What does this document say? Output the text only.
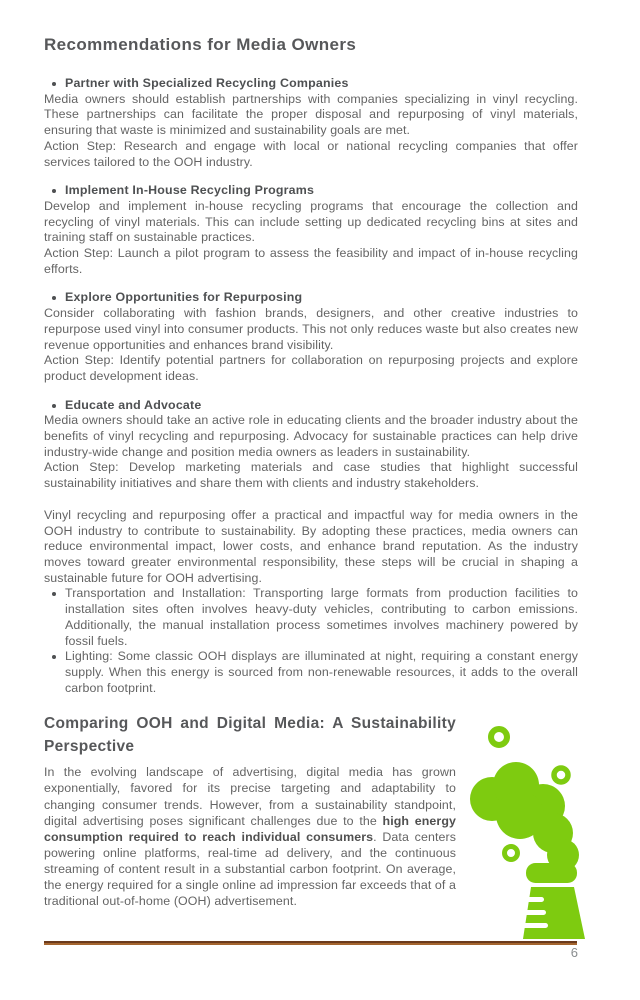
Recommendations for Media Owners
Partner with Specialized Recycling Companies

Media owners should establish partnerships with companies specializing in vinyl recycling. These partnerships can facilitate the proper disposal and repurposing of vinyl materials, ensuring that waste is minimized and sustainability goals are met.

Action Step: Research and engage with local or national recycling companies that offer services tailored to the OOH industry.

Implement In-House Recycling Programs

Develop and implement in-house recycling programs that encourage the collection and recycling of vinyl materials. This can include setting up dedicated recycling bins at sites and training staff on sustainable practices.

Action Step: Launch a pilot program to assess the feasibility and impact of in-house recycling efforts.

Explore Opportunities for Repurposing

Consider collaborating with fashion brands, designers, and other creative industries to repurpose used vinyl into consumer products. This not only reduces waste but also creates new revenue opportunities and enhances brand visibility.

Action Step: Identify potential partners for collaboration on repurposing projects and explore product development ideas.

Educate and Advocate

Media owners should take an active role in educating clients and the broader industry about the benefits of vinyl recycling and repurposing. Advocacy for sustainable practices can help drive industry-wide change and position media owners as leaders in sustainability.

Action Step: Develop marketing materials and case studies that highlight successful sustainability initiatives and share them with clients and industry stakeholders.

Vinyl recycling and repurposing offer a practical and impactful way for media owners in the OOH industry to contribute to sustainability. By adopting these practices, media owners can reduce environmental impact, lower costs, and enhance brand reputation. As the industry moves toward greater environmental responsibility, these steps will be crucial in shaping a sustainable future for OOH advertising.

Transportation and Installation: Transporting large formats from production facilities to installation sites often involves heavy-duty vehicles, contributing to carbon emissions. Additionally, the manual installation process sometimes involves machinery powered by fossil fuels.

Lighting: Some classic OOH displays are illuminated at night, requiring a constant energy supply. When this energy is sourced from non-renewable resources, it adds to the overall carbon footprint.

Comparing OOH and Digital Media: A Sustainability Perspective

In the evolving landscape of advertising, digital media has grown exponentially, favored for its precise targeting and adaptability to changing consumer trends. However, from a sustainability standpoint, digital advertising poses significant challenges due to the high energy consumption required to reach individual consumers. Data centers powering online platforms, real-time ad delivery, and the continuous streaming of content result in a substantial carbon footprint. On average, the energy required for a single online ad impression far exceeds that of a traditional out-of-home (OOH) advertisement.

6
